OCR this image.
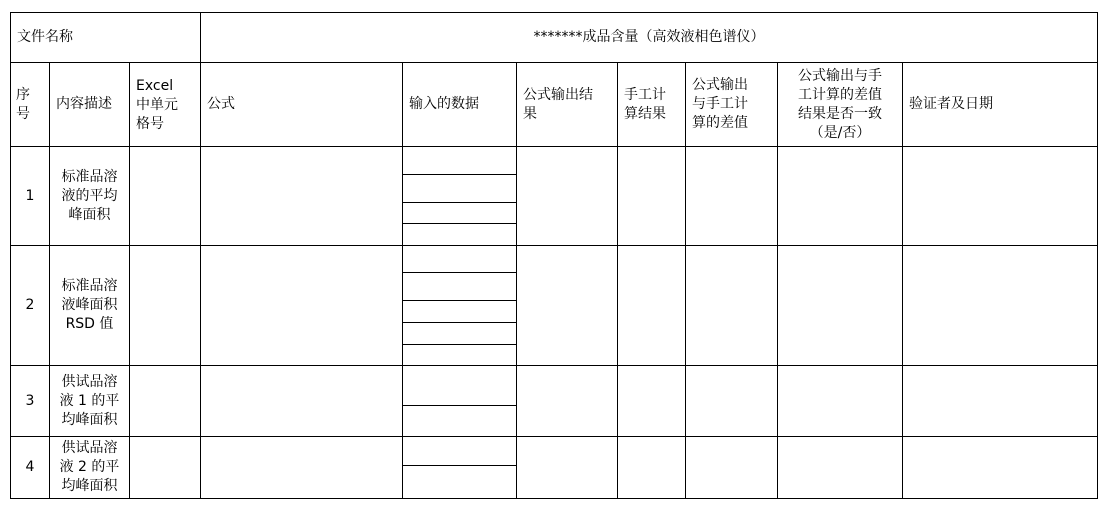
文件名称	*******成品含量（高效液相色谱仪）
序
号
内容描述
Excel
中单元
格号
公式	输入的数据
公式输出结
果
手工计
算结果
公式输出
与手工计
算的差值
公式输出与手
工计算的差值
结果是否一致
（是/否）
验证者及日期
1
标准品溶
液的平均
峰面积
2
标准品溶
液峰面积
RSD 值
3
供试品溶
液 1 的平
均峰面积
4
供试品溶
液 2 的平
均峰面积
